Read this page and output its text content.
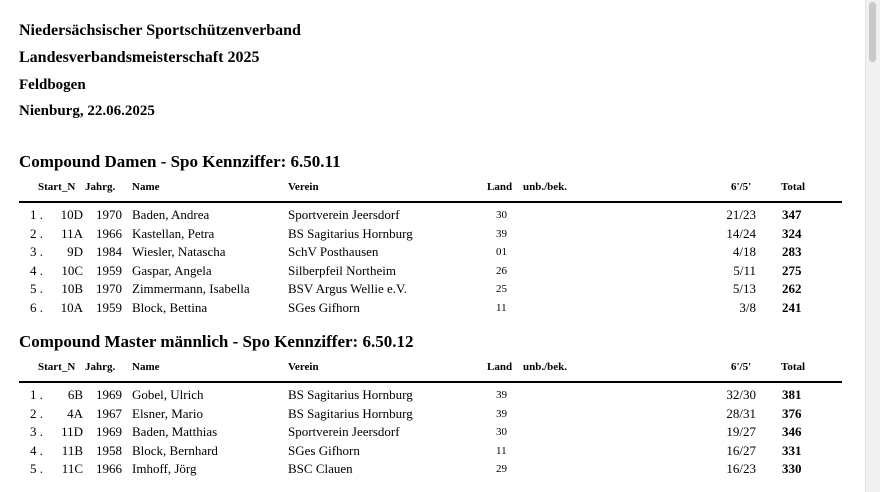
Niedersächsischer Sportschützenverband
Landesverbandsmeisterschaft 2025
Feldbogen
Nienburg, 22.06.2025
Compound Damen - Spo Kennziffer: 6.50.11
Start_N Jahrg. Name	Verein	Land unb./bek.	6'/5'	Total
1 .	10D 1970 Baden, Andrea	Sportverein Jeersdorf	30	21/23 347
2 .	11A 1966 Kastellan, Petra	BS Sagitarius Hornburg	39	14/24 324
3 .	9D 1984 Wiesler, Natascha	SchV Posthausen	01	4/18 283
4 .	10C 1959 Gaspar, Angela	Silberpfeil Northeim	26	5/11 275
5 .	10B 1970 Zimmermann, Isabella	BSV Argus Wellie e.V.	25	5/13 262
6 .	10A 1959 Block, Bettina	SGes Gifhorn	11	3/8 241
Compound Master männlich - Spo Kennziffer: 6.50.12
Start_N Jahrg. Name	Verein	Land unb./bek.	6'/5'	Total
1 .	6B 1969 Gobel, Ulrich	BS Sagitarius Hornburg	39	32/30 381
2 .	4A 1967 Elsner, Mario	BS Sagitarius Hornburg	39	28/31 376
3 .	11D 1969 Baden, Matthias	Sportverein Jeersdorf	30	19/27 346
4 .	11B 1958 Block, Bernhard	SGes Gifhorn	11	16/27 331
5 .	11C 1966 Imhoff, Jörg	BSC Clauen	29	16/23 330
